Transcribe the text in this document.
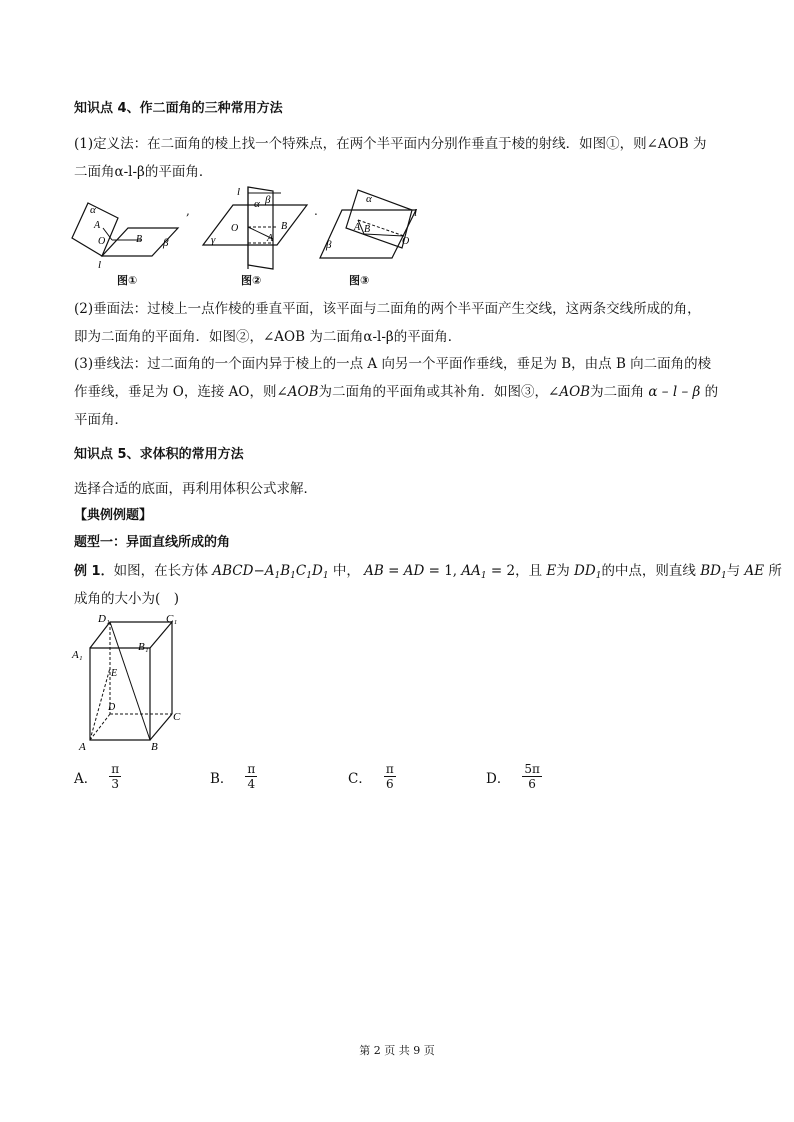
知识点 4、作二面角的三种常用方法
(1)定义法：在二面角的棱上找一个特殊点，在两个半平面内分别作垂直于棱的射线．如图①，则∠AOB 为
二面角α-l-β的平面角．
α
A
O	B β
l
,
l
α β
B
O
A
γ
.
α
l
A B
O
β
图①	图②	图③
(2)垂面法：过棱上一点作棱的垂直平面，该平面与二面角的两个半平面产生交线，这两条交线所成的角，
即为二面角的平面角．如图②，∠AOB 为二面角α-l-β的平面角．
(3)垂线法：过二面角的一个面内异于棱上的一点 A 向另一个平面作垂线，垂足为 B，由点 B 向二面角的棱
作垂线，垂足为 O，连接 AO，则∠AOB为二面角的平面角或其补角．如图③，∠AOB为二面角 α – l – β 的
平面角．
知识点 5、求体积的常用方法
选择合适的底面，再利用体积公式求解．
【典例例题】
题型一：异面直线所成的角
例 1．如图，在长方体 $ABCD-A_1B_1C_1D_1$ 中， AB = AD = 1, $AA_1 = 2$，且 E为 $DD_1$的中点，则直线 $BD_1$与 AE 所
成角的大小为(　)
D₁	C₁
A₁
B₁
E
D
C
A	B
A． $\frac{\pi}{3}$	B． $\frac{\pi}{4}$	C． $\frac{\pi}{6}$	D． $\frac{5\pi}{6}$
第 2 页 共 9 页
